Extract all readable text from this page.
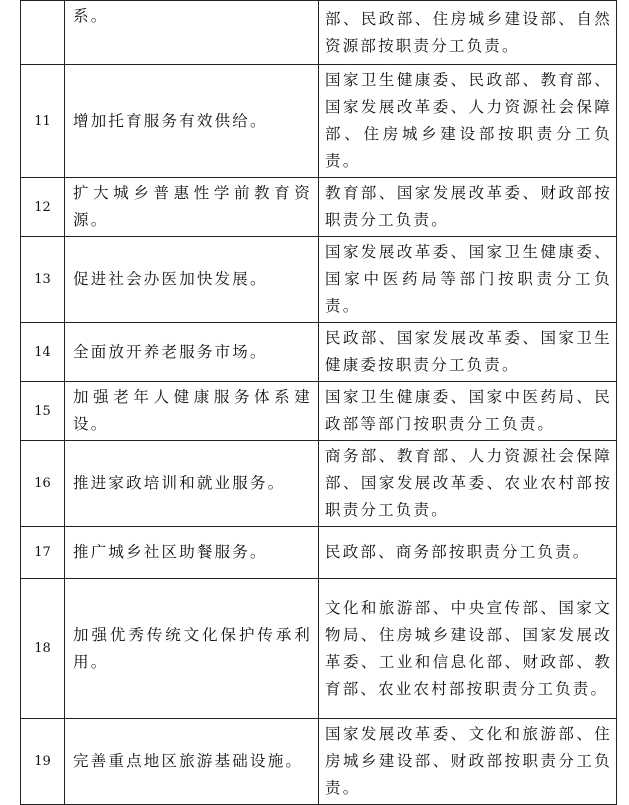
	系。	部、民政部、住房城乡建设部、自然资源部按职责分工负责。
11	增加托育服务有效供给。	国家卫生健康委、民政部、教育部、国家发展改革委、人力资源社会保障部、住房城乡建设部按职责分工负责。
12	扩大城乡普惠性学前教育资源。	教育部、国家发展改革委、财政部按职责分工负责。
13	促进社会办医加快发展。	国家发展改革委、国家卫生健康委、国家中医药局等部门按职责分工负责。
14	全面放开养老服务市场。	民政部、国家发展改革委、国家卫生健康委按职责分工负责。
15	加强老年人健康服务体系建设。	国家卫生健康委、国家中医药局、民政部等部门按职责分工负责。
16	推进家政培训和就业服务。	商务部、教育部、人力资源社会保障部、国家发展改革委、农业农村部按职责分工负责。
17	推广城乡社区助餐服务。	民政部、商务部按职责分工负责。
18	加强优秀传统文化保护传承利用。	文化和旅游部、中央宣传部、国家文物局、住房城乡建设部、国家发展改革委、工业和信息化部、财政部、教育部、农业农村部按职责分工负责。
19	完善重点地区旅游基础设施。	国家发展改革委、文化和旅游部、住房城乡建设部、财政部按职责分工负责。
